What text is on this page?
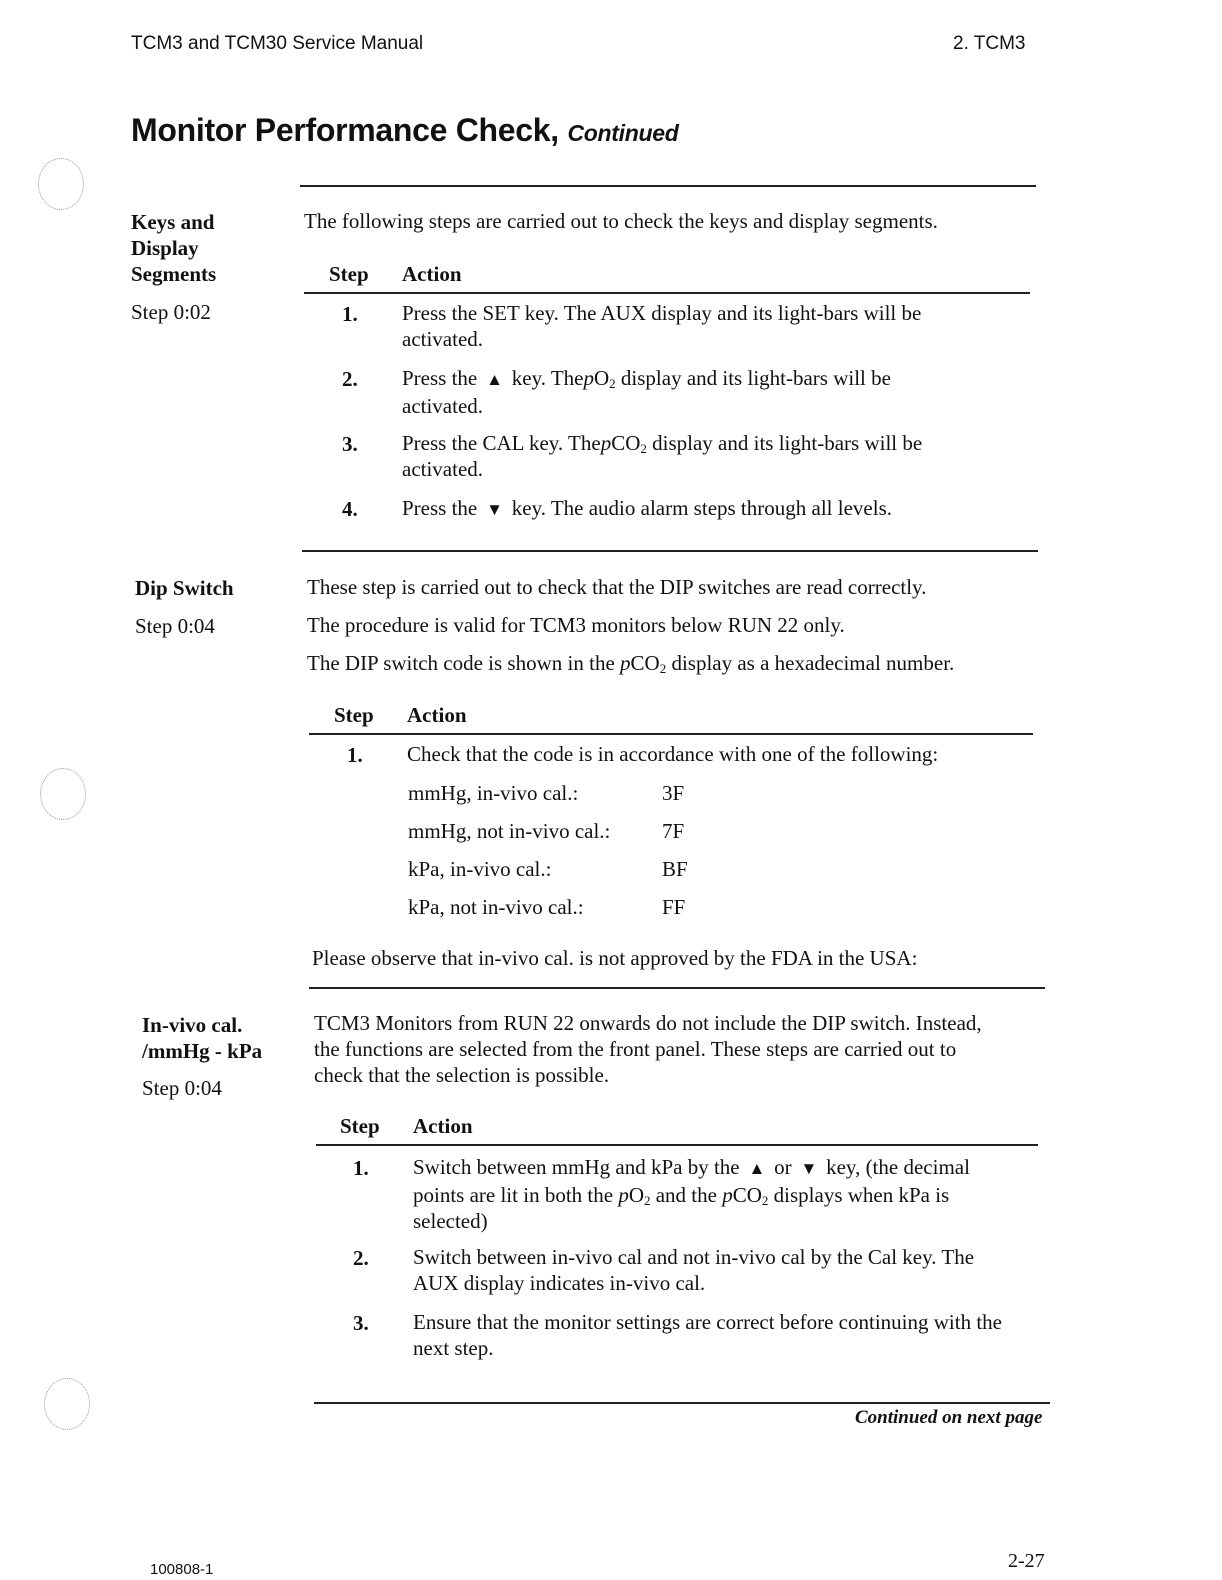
TCM3 and TCM30 Service Manual	2. TCM3
Monitor Performance Check, Continued
Keys and
Display
Segments
Step 0:02
The following steps are carried out to check the keys and display segments.
Step Action
1. Press the SET key. The AUX display and its light-bars will be
activated.
2. Press the ▲ key. ThepO$_2$ display and its light-bars will be
activated.
3. Press the CAL key. ThepCO$_2$ display and its light-bars will be
activated.
4. Press the ▼ key. The audio alarm steps through all levels.
Dip Switch
Step 0:04
These step is carried out to check that the DIP switches are read correctly.
The procedure is valid for TCM3 monitors below RUN 22 only.
The DIP switch code is shown in the pCO$_2$ display as a hexadecimal number.
Step Action
1. Check that the code is in accordance with one of the following:
mmHg, in-vivo cal.:	3F
mmHg, not in-vivo cal.: 7F
kPa, in-vivo cal.:	BF
kPa, not in-vivo cal.:	FF
Please observe that in-vivo cal. is not approved by the FDA in the USA:
In-vivo cal.
/mmHg - kPa
Step 0:04
TCM3 Monitors from RUN 22 onwards do not include the DIP switch. Instead,
the functions are selected from the front panel. These steps are carried out to
check that the selection is possible.
Step Action
1. Switch between mmHg and kPa by the ▲ or ▼ key, (the decimal
points are lit in both the $pO_2$ and the pCO$_2$ displays when kPa is
selected)
2. Switch between in-vivo cal and not in-vivo cal by the Cal key. The
AUX display indicates in-vivo cal.
3. Ensure that the monitor settings are correct before continuing with the
next step.
Continued on next page
100808-1	2-27
